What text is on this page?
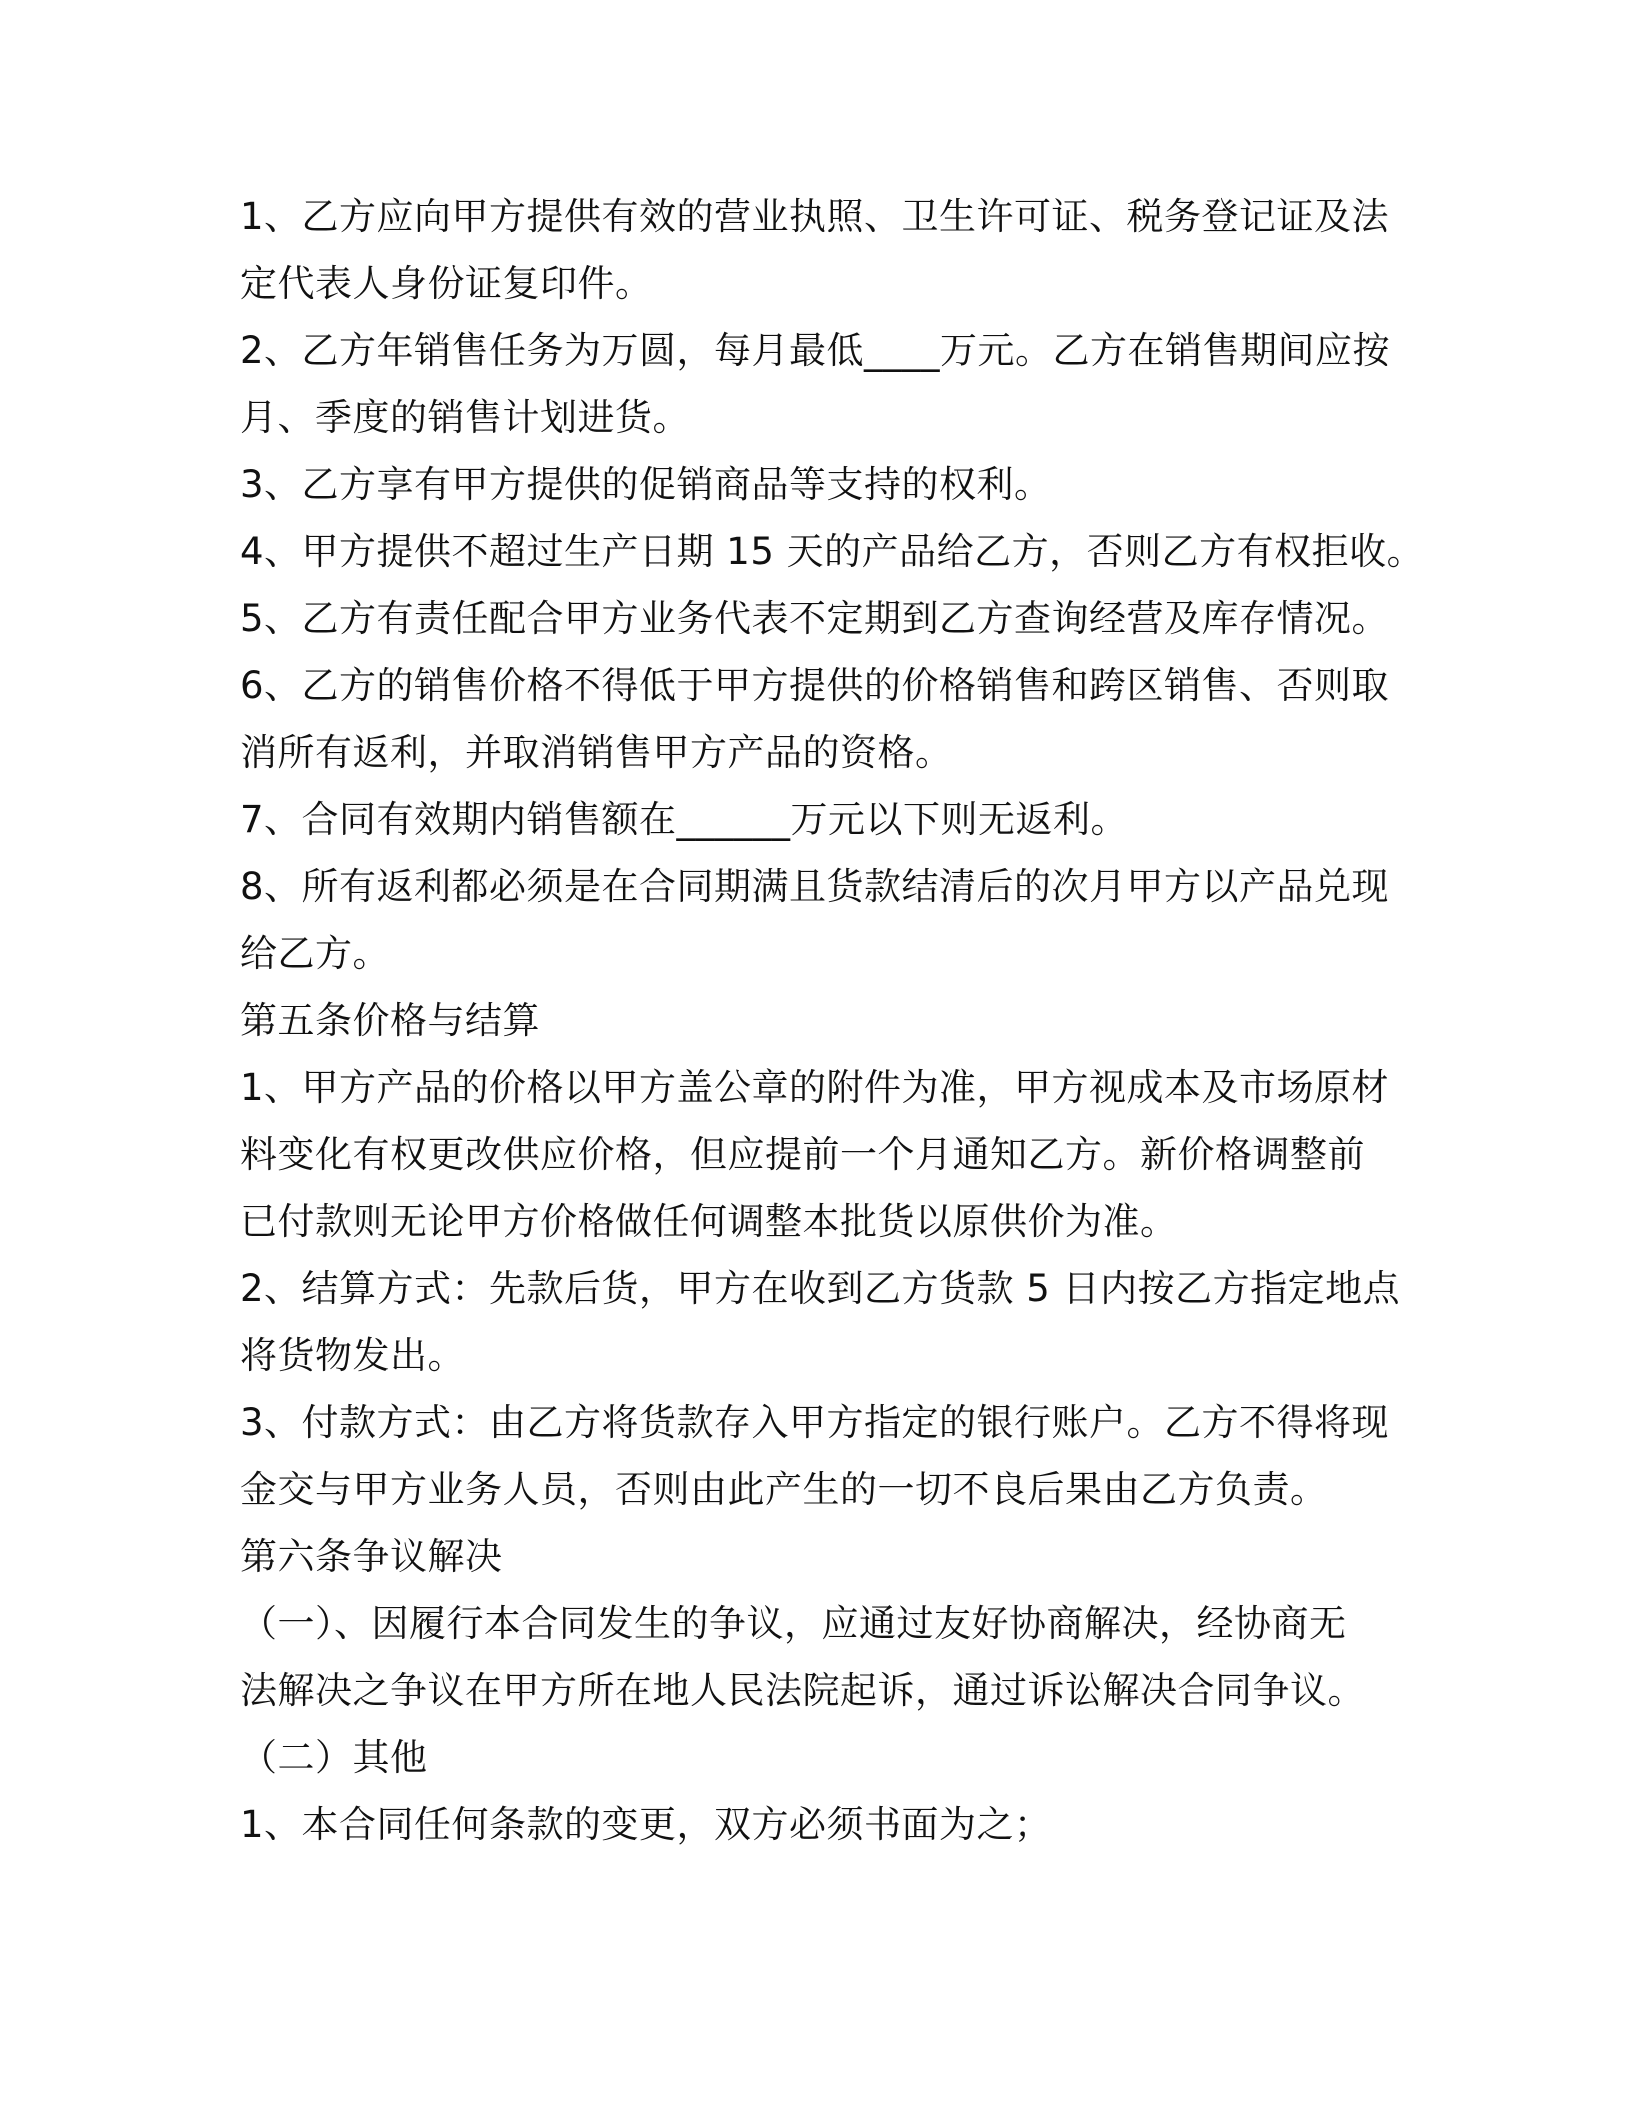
1、乙方应向甲方提供有效的营业执照、卫生许可证、税务登记证及法
定代表人身份证复印件。
2、乙方年销售任务为万圆，每月最低____万元。乙方在销售期间应按
月、季度的销售计划进货。
3、乙方享有甲方提供的促销商品等支持的权利。
4、甲方提供不超过生产日期 15 天的产品给乙方，否则乙方有权拒收。
5、乙方有责任配合甲方业务代表不定期到乙方查询经营及库存情况。
6、乙方的销售价格不得低于甲方提供的价格销售和跨区销售、否则取
消所有返利，并取消销售甲方产品的资格。
7、合同有效期内销售额在______万元以下则无返利。
8、所有返利都必须是在合同期满且货款结清后的次月甲方以产品兑现
给乙方。
第五条价格与结算
1、甲方产品的价格以甲方盖公章的附件为准，甲方视成本及市场原材
料变化有权更改供应价格，但应提前一个月通知乙方。新价格调整前
已付款则无论甲方价格做任何调整本批货以原供价为准。
2、结算方式：先款后货，甲方在收到乙方货款 5 日内按乙方指定地点
将货物发出。
3、付款方式：由乙方将货款存入甲方指定的银行账户。乙方不得将现
金交与甲方业务人员，否则由此产生的一切不良后果由乙方负责。
第六条争议解决
（一）、因履行本合同发生的争议，应通过友好协商解决，经协商无
法解决之争议在甲方所在地人民法院起诉，通过诉讼解决合同争议。
（二）其他
1、本合同任何条款的变更，双方必须书面为之；
